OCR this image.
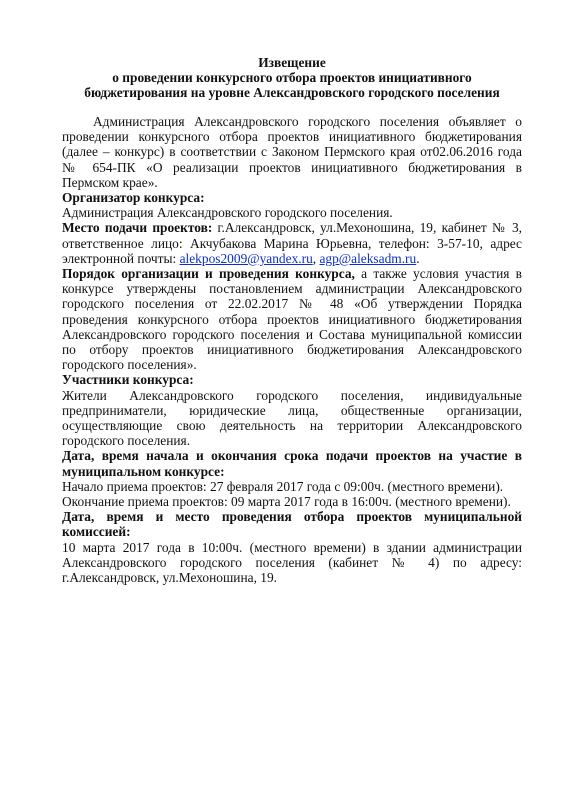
Извещение
о проведении конкурсного отбора проектов инициативного
бюджетирования на уровне Александровского городского поселения

Администрация Александровского городского поселения объявляет о проведении конкурсного отбора проектов инициативного бюджетирования (далее – конкурс) в соответствии с Законом Пермского края от02.06.2016 года № 654-ПК «О реализации проектов инициативного бюджетирования в Пермском крае».

Организатор конкурса:

Администрация Александровского городского поселения.

Место подачи проектов: г.Александровск, ул.Мехоношина, 19, кабинет № 3, ответственное лицо: Акчубакова Марина Юрьевна, телефон: 3-57-10, адрес электронной почты: alekpos2009@yandex.ru, agp@aleksadm.ru.

Порядок организации и проведения конкурса, а также условия участия в конкурсе утверждены постановлением администрации Александровского городского поселения от 22.02.2017 № 48 «Об утверждении Порядка проведения конкурсного отбора проектов инициативного бюджетирования Александровского городского поселения и Состава муниципальной комиссии по отбору проектов инициативного бюджетирования Александровского городского поселения».

Участники конкурса:

Жители Александровского городского поселения, индивидуальные предприниматели, юридические лица, общественные организации, осуществляющие свою деятельность на территории Александровского городского поселения.

Дата, время начала и окончания срока подачи проектов на участие в муниципальном конкурсе:

Начало приема проектов: 27 февраля 2017 года с 09:00ч. (местного времени).

Окончание приема проектов: 09 марта 2017 года в 16:00ч. (местного времени).

Дата, время и место проведения отбора проектов муниципальной комиссией:

10 марта 2017 года в 10:00ч. (местного времени) в здании администрации Александровского городского поселения (кабинет № 4) по адресу: г.Александровск, ул.Мехоношина, 19.
